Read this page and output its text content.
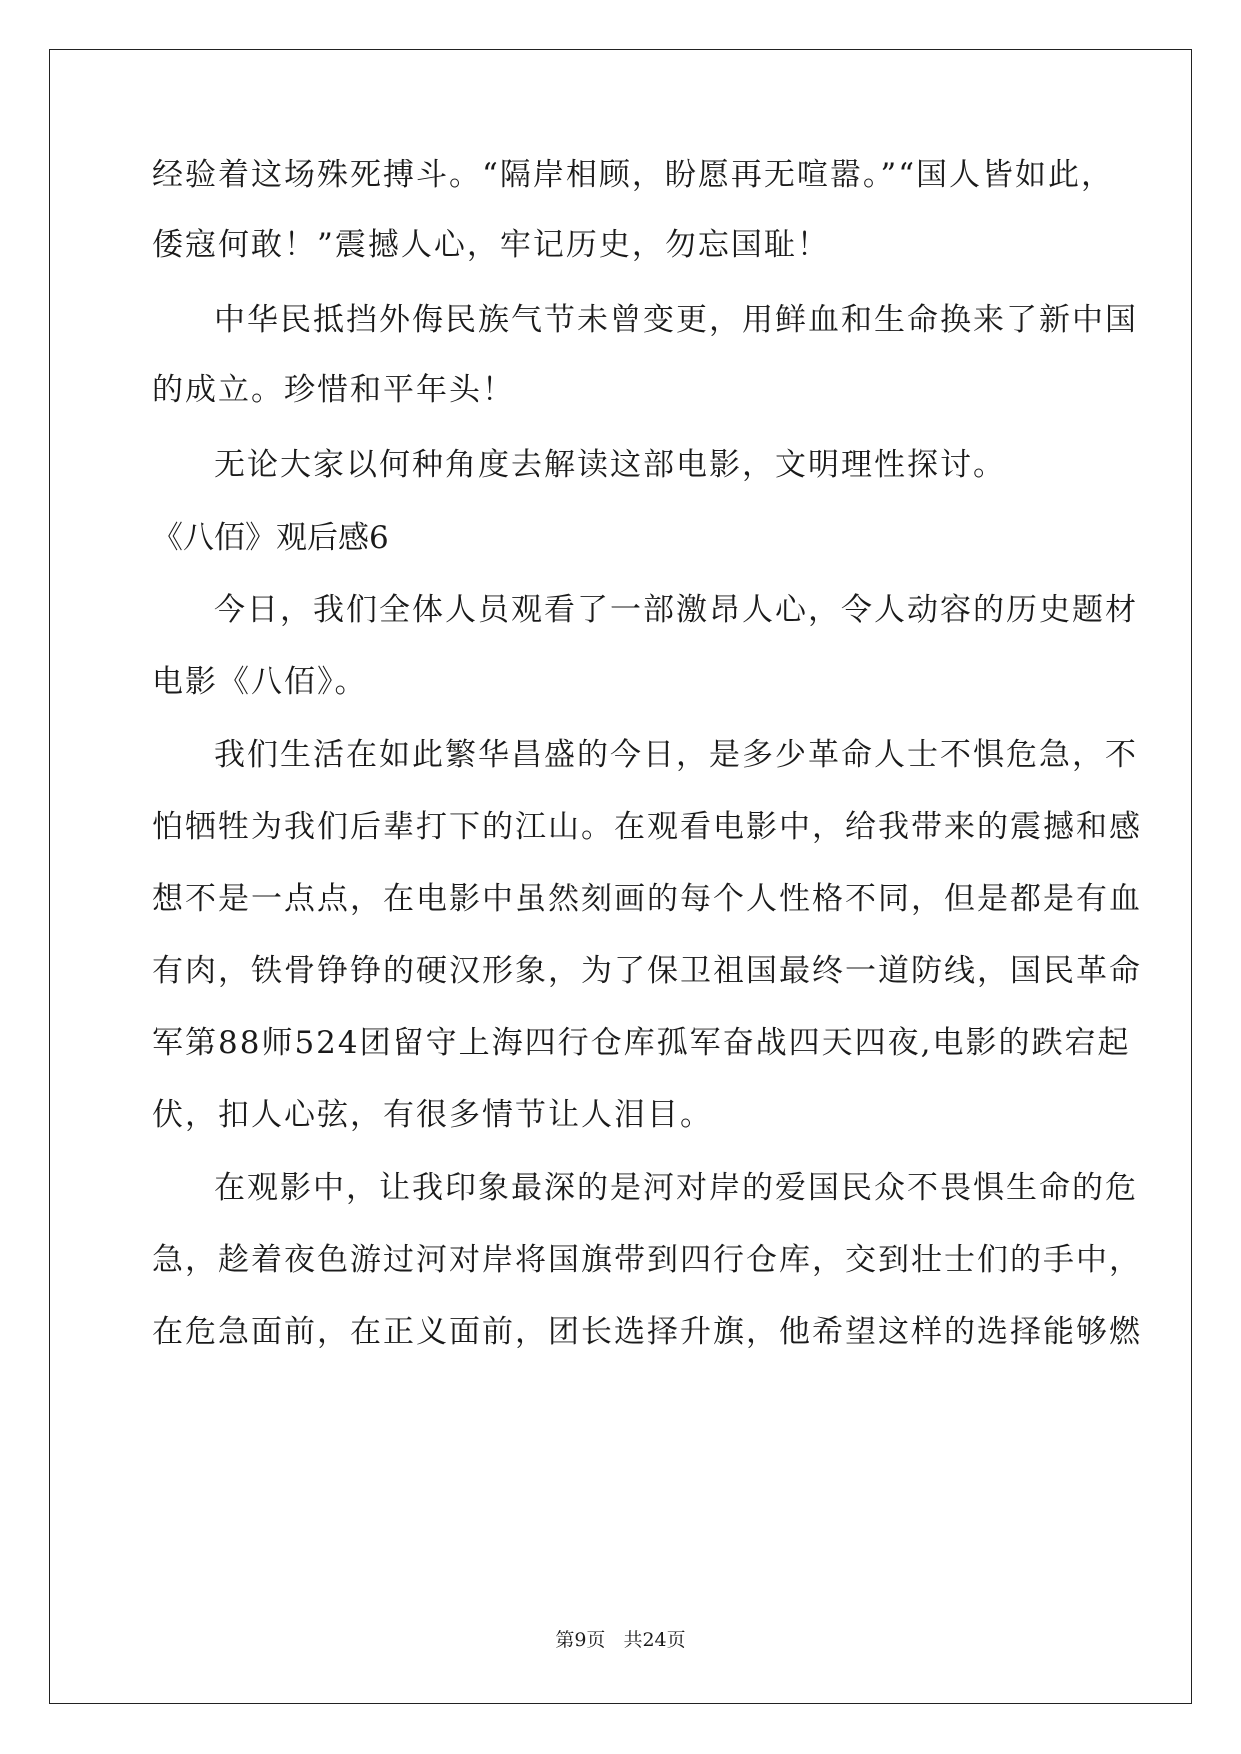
经验着这场殊死搏斗。“隔岸相顾，盼愿再无喧嚣。”“国人皆如此，
倭寇何敢！”震撼人心，牢记历史，勿忘国耻！
中华民抵挡外侮民族气节未曾变更，用鲜血和生命换来了新中国
的成立。珍惜和平年头！
无论大家以何种角度去解读这部电影，文明理性探讨。
《八佰》观后感6
今日，我们全体人员观看了一部激昂人心，令人动容的历史题材
电影《八佰》。
我们生活在如此繁华昌盛的今日，是多少革命人士不惧危急，不
怕牺牲为我们后辈打下的江山。在观看电影中，给我带来的震撼和感
想不是一点点，在电影中虽然刻画的每个人性格不同，但是都是有血
有肉，铁骨铮铮的硬汉形象，为了保卫祖国最终一道防线，国民革命
军第88师524团留守上海四行仓库孤军奋战四天四夜,电影的跌宕起
伏，扣人心弦，有很多情节让人泪目。
在观影中，让我印象最深的是河对岸的爱国民众不畏惧生命的危
急，趁着夜色游过河对岸将国旗带到四行仓库，交到壮士们的手中，
在危急面前，在正义面前，团长选择升旗，他希望这样的选择能够燃
第9页 共24页
